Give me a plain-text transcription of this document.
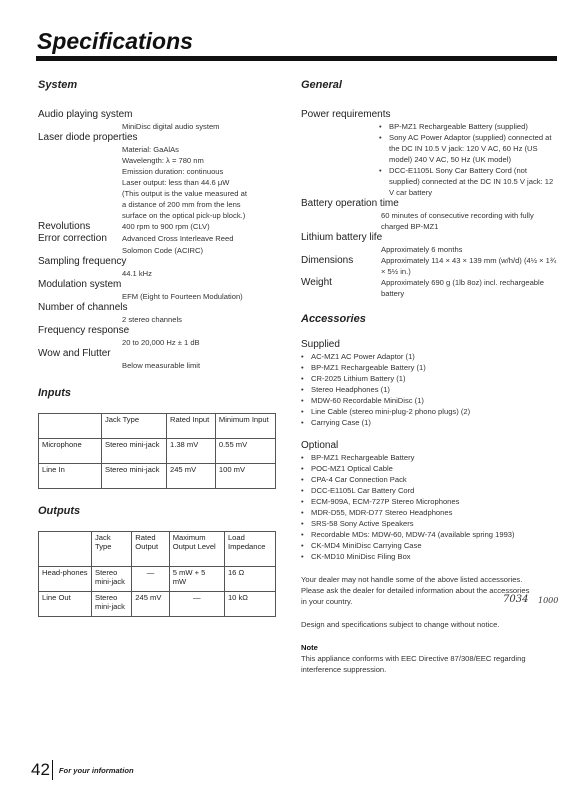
Specifications
System
Audio playing system
MiniDisc digital audio system
Laser diode properties
Material: GaAlAs
Wavelength: λ = 780 nm
Emission duration: continuous
Laser output: less than 44.6 μW
(This output is the value measured at
a distance of 200 mm from the lens
surface on the optical pick-up block.)
Revolutions	400 rpm to 900 rpm (CLV)
Error correction	Advanced Cross Interleave Reed
Solomon Code (ACIRC)
Sampling frequency
44.1 kHz
Modulation system
EFM (Eight to Fourteen Modulation)
Number of channels
2 stereo channels
Frequency response
20 to 20,000 Hz ± 1 dB
Wow and Flutter
Below measurable limit
Inputs
	Jack Type	Rated Input	Minimum Input
Microphone	Stereo mini-jack	1.38 mV	0.55 mV
Line In	Stereo mini-jack	245 mV	100 mV
Outputs
	Jack Type	Rated Output	Maximum Output Level	Load Impedance
Head-phones	Stereo mini-jack	—	5 mW + 5 mW	16 Ω
Line Out	Stereo mini-jack	245 mV	—	10 kΩ
General
Power requirements
• BP-MZ1 Rechargeable Battery (supplied)
• Sony AC Power Adaptor (supplied) connected at the DC IN 10.5 V jack: 120 V AC, 60 Hz (US model) 240 V AC, 50 Hz (UK model)
• DCC-E1105L Sony Car Battery Cord (not supplied) connected at the DC IN 10.5 V jack: 12 V car battery
Battery operation time
60 minutes of consecutive recording with fully charged BP-MZ1
Lithium battery life
Approximately 6 months
Dimensions	Approximately 114 × 43 × 139 mm (w/h/d) (4½ × 1¾ × 5½ in.)
Weight	Approximately 690 g (1lb 8oz) incl. rechargeable battery
Accessories
Supplied
• AC-MZ1 AC Power Adaptor (1)
• BP-MZ1 Rechargeable Battery (1)
• CR-2025 Lithium Battery (1)
• Stereo Headphones (1)
• MDW-60 Recordable MiniDisc (1)
• Line Cable (stereo mini-plug-2 phono plugs) (2)
• Carrying Case (1)
Optional
• BP-MZ1 Rechargeable Battery
• POC-MZ1 Optical Cable
• CPA-4 Car Connection Pack
• DCC-E1105L Car Battery Cord
• ECM-909A, ECM-727P Stereo Microphones
• MDR-D55, MDR-D77 Stereo Headphones
• SRS-58 Sony Active Speakers
• Recordable MDs: MDW-60, MDW-74 (available spring 1993)
• CK-MD4 MiniDisc Carrying Case
• CK-MD10 MiniDisc Filing Box
Your dealer may not handle some of the above listed accessories. Please ask the dealer for detailed information about the accessories in your country.
Design and specifications subject to change without notice.
Note
This appliance conforms with EEC Directive 87/308/EEC regarding interference suppression.
7034 1000
42 For your information
